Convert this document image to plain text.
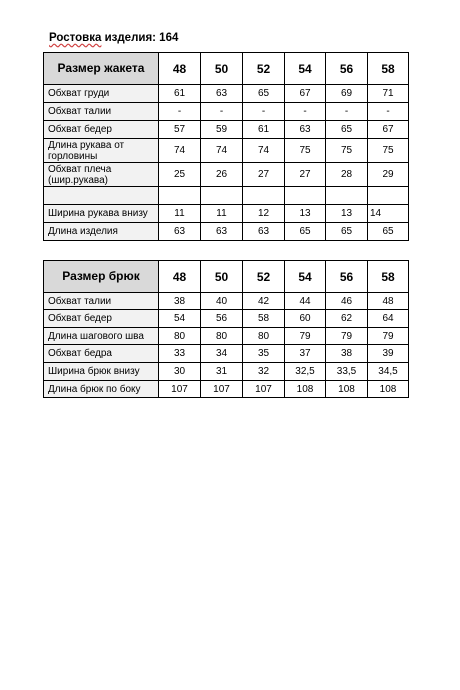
Ростовка изделия: 164
Размер жакета	48	50	52	54	56	58
Обхват груди	61	63	65	67	69	71
Обхват талии	-	-	-	-	-	-
Обхват бедер	57	59	61	63	65	67
Длина рукава от горловины	74	74	74	75	75	75
Обхват плеча (шир.рукава)	25	26	27	27	28	29

Ширина рукава внизу	11	11	12	13	13	14
Длина изделия	63	63	63	65	65	65
Размер брюк	48	50	52	54	56	58
Обхват талии	38	40	42	44	46	48
Обхват бедер	54	56	58	60	62	64
Длина шагового шва	80	80	80	79	79	79
Обхват бедра	33	34	35	37	38	39
Ширина брюк внизу	30	31	32	32,5	33,5	34,5
Длина брюк по боку	107	107	107	108	108	108
